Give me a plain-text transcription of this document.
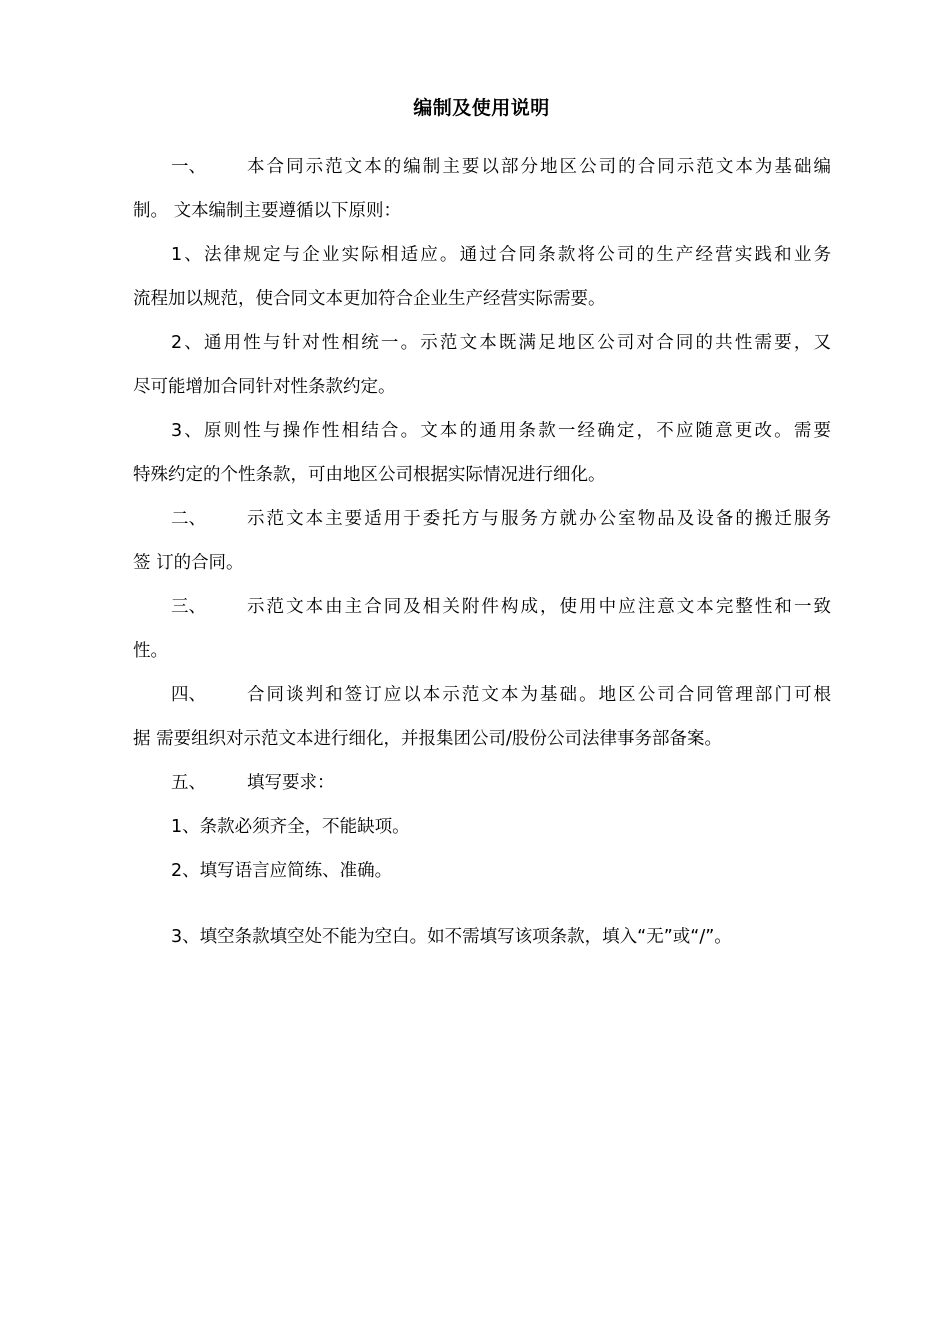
编制及使用说明
一、 本合同示范文本的编制主要以部分地区公司的合同示范文本为基础编
制。 文本编制主要遵循以下原则：
1、法律规定与企业实际相适应。通过合同条款将公司的生产经营实践和业务
流程加以规范，使合同文本更加符合企业生产经营实际需要。
2、通用性与针对性相统一。示范文本既满足地区公司对合同的共性需要，又
尽可能增加合同针对性条款约定。
3、原则性与操作性相结合。文本的通用条款一经确定，不应随意更改。需要
特殊约定的个性条款，可由地区公司根据实际情况进行细化。
二、 示范文本主要适用于委托方与服务方就办公室物品及设备的搬迁服务
签 订的合同。
三、 示范文本由主合同及相关附件构成，使用中应注意文本完整性和一致
性。
四、 合同谈判和签订应以本示范文本为基础。地区公司合同管理部门可根
据 需要组织对示范文本进行细化，并报集团公司/股份公司法律事务部备案。
五、 填写要求：
1、条款必须齐全，不能缺项。
2、填写语言应简练、准确。
3、填空条款填空处不能为空白。如不需填写该项条款，填入“无”或“/”。
